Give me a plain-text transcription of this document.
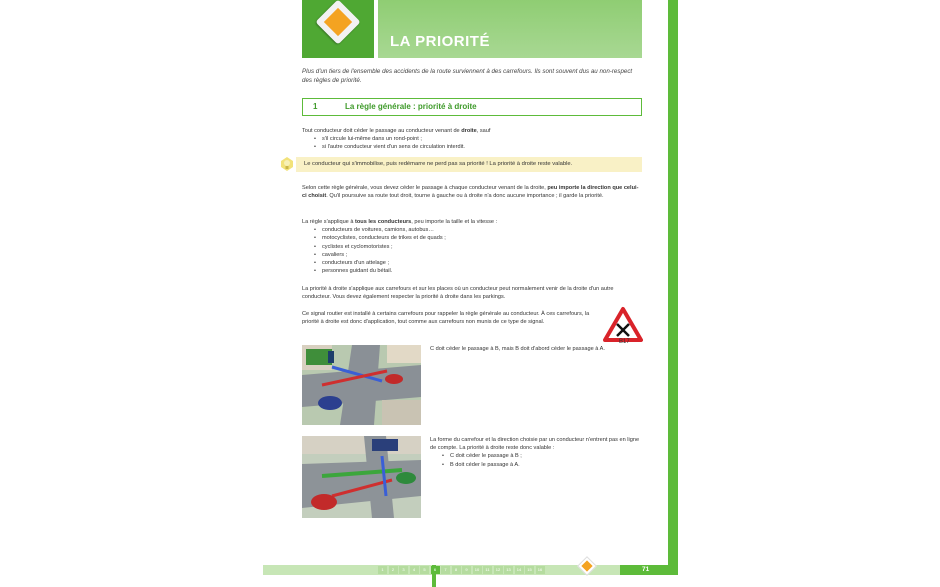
LA PRIORITÉ
Plus d'un tiers de l'ensemble des accidents de la route surviennent à des carrefours. Ils sont souvent dus au non-respect des règles de priorité.
1	La règle générale : priorité à droite
Tout conducteur doit céder le passage au conducteur venant de droite, sauf
• s'il circule lui-même dans un rond-point ;
• si l'autre conducteur vient d'un sens de circulation interdit.
Le conducteur qui s'immobilise, puis redémarre ne perd pas sa priorité ! La priorité à droite reste valable.
Selon cette règle générale, vous devez céder le passage à chaque conducteur venant de la droite, peu importe la direction que celui-ci choisit. Qu'il poursuive sa route tout droit, tourne à gauche ou à droite n'a donc aucune importance ; il garde la priorité.
La règle s'applique à tous les conducteurs, peu importe la taille et la vitesse :
• conducteurs de voitures, camions, autobus…
• motocyclistes, conducteurs de trikes et de quads ;
• cyclistes et cyclomotoristes ;
• cavaliers ;
• conducteurs d'un attelage ;
• personnes guidant du bétail.
La priorité à droite s'applique aux carrefours et sur les places où un conducteur peut normalement venir de la droite d'un autre conducteur. Vous devez également respecter la priorité à droite dans les parkings.
Ce signal routier est installé à certains carrefours pour rappeler la règle générale au conducteur. À ces carrefours, la priorité à droite est donc d'application, tout comme aux carrefours non munis de ce type de signal.
B17
C doit céder le passage à B, mais B doit d'abord céder le passage à A.
La forme du carrefour et la direction choisie par un conducteur n'entrent pas en ligne de compte. La priorité à droite reste donc valable :
• C doit céder le passage à B ;
• B doit céder le passage à A.
1	2	3	4	5	6	7	8	9	10	11	12	13	14	15	16	71
